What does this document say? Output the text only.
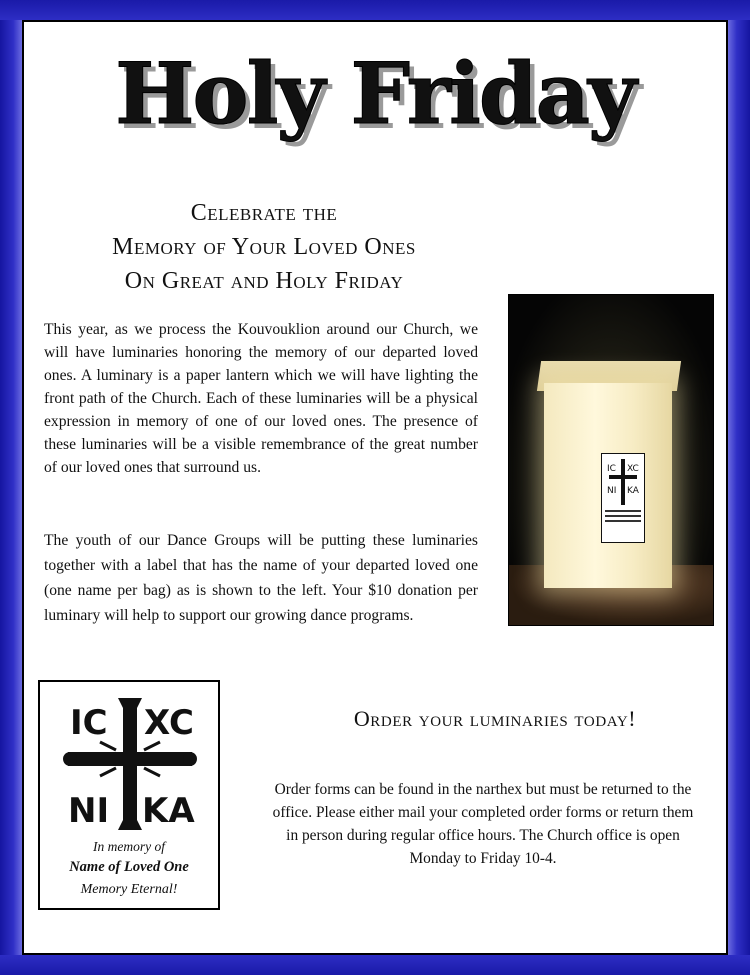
Holy Friday
Celebrate the
Memory of Your Loved Ones
On Great and Holy Friday

This year, as we process the Kouvouklion around our Church, we will have luminaries honoring the memory of our departed loved ones. A luminary is a paper lantern which we will have lighting the front path of the Church. Each of these luminaries will be a physical expression in memory of one of our loved ones. The presence of these luminaries will be a visible remembrance of the great number of our loved ones that surround us.

The youth of our Dance Groups will be putting these luminaries together with a label that has the name of your departed loved one (one name per bag) as is shown to the left. Your $10 donation per luminary will help to support our growing dance programs.

IC XC
NI KA
IC XC
NI KA
In memory of
Name of Loved One
Memory Eternal!
Order your luminaries today!
Order forms can be found in the narthex but must be returned to the office. Please either mail your completed order forms or return them in person during regular office hours. The Church office is open Monday to Friday 10-4.
